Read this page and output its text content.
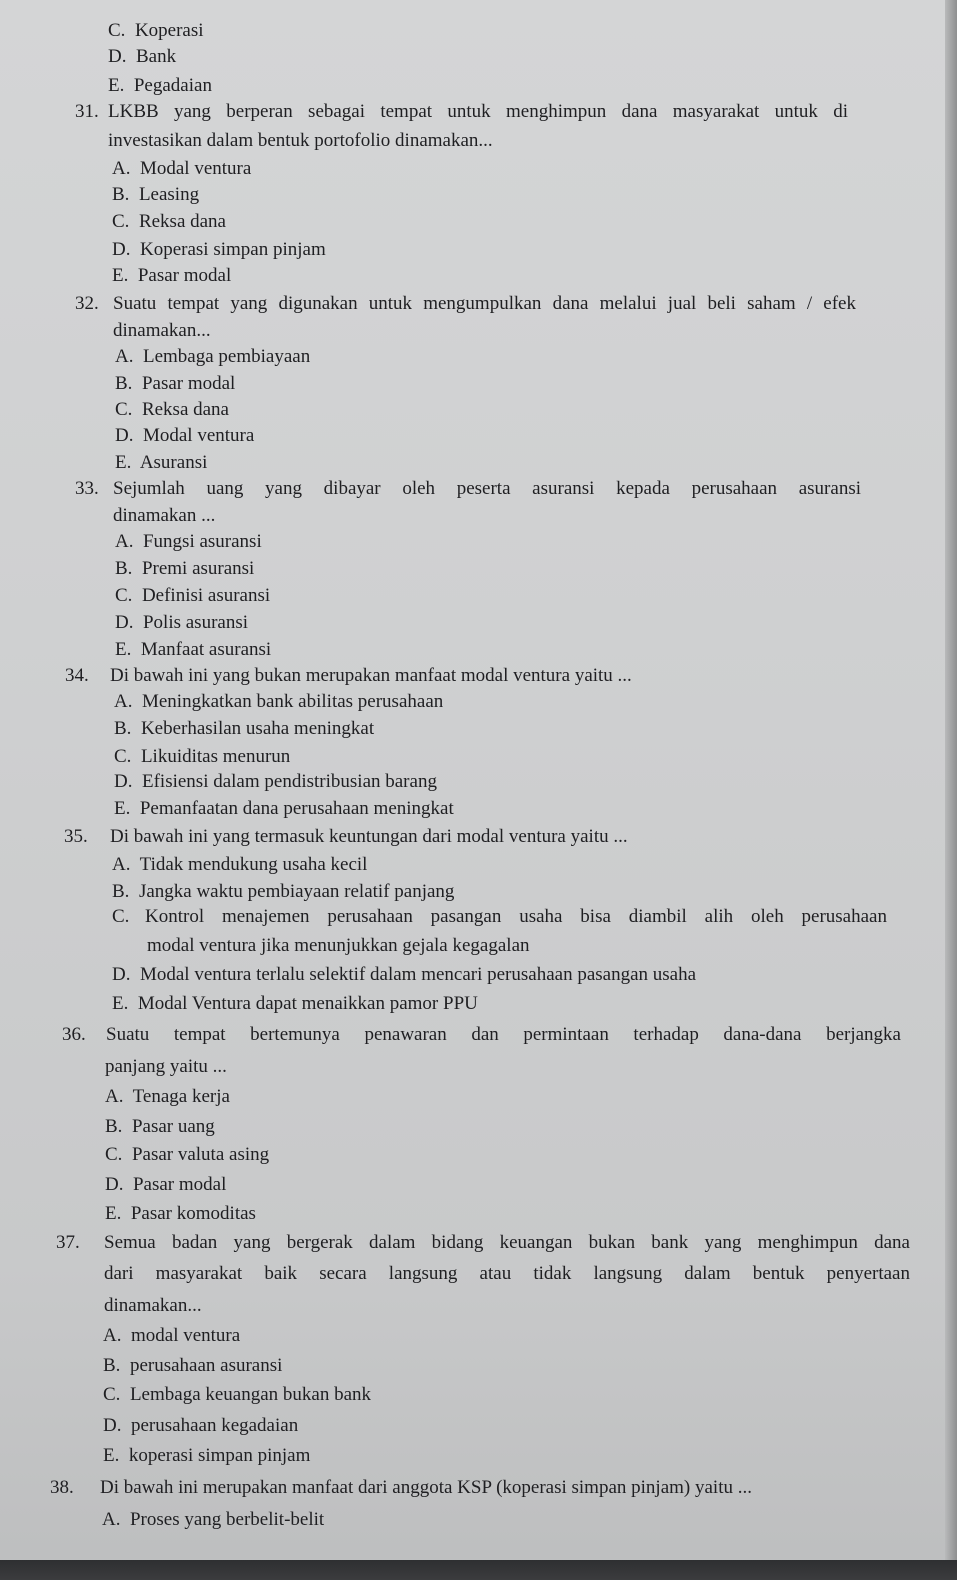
C. Koperasi
D. Bank
E. Pegadaian
31. LKBB yang berperan sebagai tempat untuk menghimpun dana masyarakat untuk di
investasikan dalam bentuk portofolio dinamakan...
A. Modal ventura
B. Leasing
C. Reksa dana
D. Koperasi simpan pinjam
E. Pasar modal
32. Suatu tempat yang digunakan untuk mengumpulkan dana melalui jual beli saham / efek
dinamakan...
A. Lembaga pembiayaan
B. Pasar modal
C. Reksa dana
D. Modal ventura
E. Asuransi
33. Sejumlah uang yang dibayar oleh peserta asuransi kepada perusahaan asuransi
dinamakan ...
A. Fungsi asuransi
B. Premi asuransi
C. Definisi asuransi
D. Polis asuransi
E. Manfaat asuransi
34. Di bawah ini yang bukan merupakan manfaat modal ventura yaitu ...
A. Meningkatkan bank abilitas perusahaan
B. Keberhasilan usaha meningkat
C. Likuiditas menurun
D. Efisiensi dalam pendistribusian barang
E. Pemanfaatan dana perusahaan meningkat
35. Di bawah ini yang termasuk keuntungan dari modal ventura yaitu ...
A. Tidak mendukung usaha kecil
B. Jangka waktu pembiayaan relatif panjang
C. Kontrol menajemen perusahaan pasangan usaha bisa diambil alih oleh perusahaan
modal ventura jika menunjukkan gejala kegagalan
D. Modal ventura terlalu selektif dalam mencari perusahaan pasangan usaha
E. Modal Ventura dapat menaikkan pamor PPU
36. Suatu tempat bertemunya penawaran dan permintaan terhadap dana-dana berjangka
panjang yaitu ...
A. Tenaga kerja
B. Pasar uang
C. Pasar valuta asing
D. Pasar modal
E. Pasar komoditas
37. Semua badan yang bergerak dalam bidang keuangan bukan bank yang menghimpun dana
dari masyarakat baik secara langsung atau tidak langsung dalam bentuk penyertaan
dinamakan...
A. modal ventura
B. perusahaan asuransi
C. Lembaga keuangan bukan bank
D. perusahaan kegadaian
E. koperasi simpan pinjam
38. Di bawah ini merupakan manfaat dari anggota KSP (koperasi simpan pinjam) yaitu ...
A. Proses yang berbelit-belit
